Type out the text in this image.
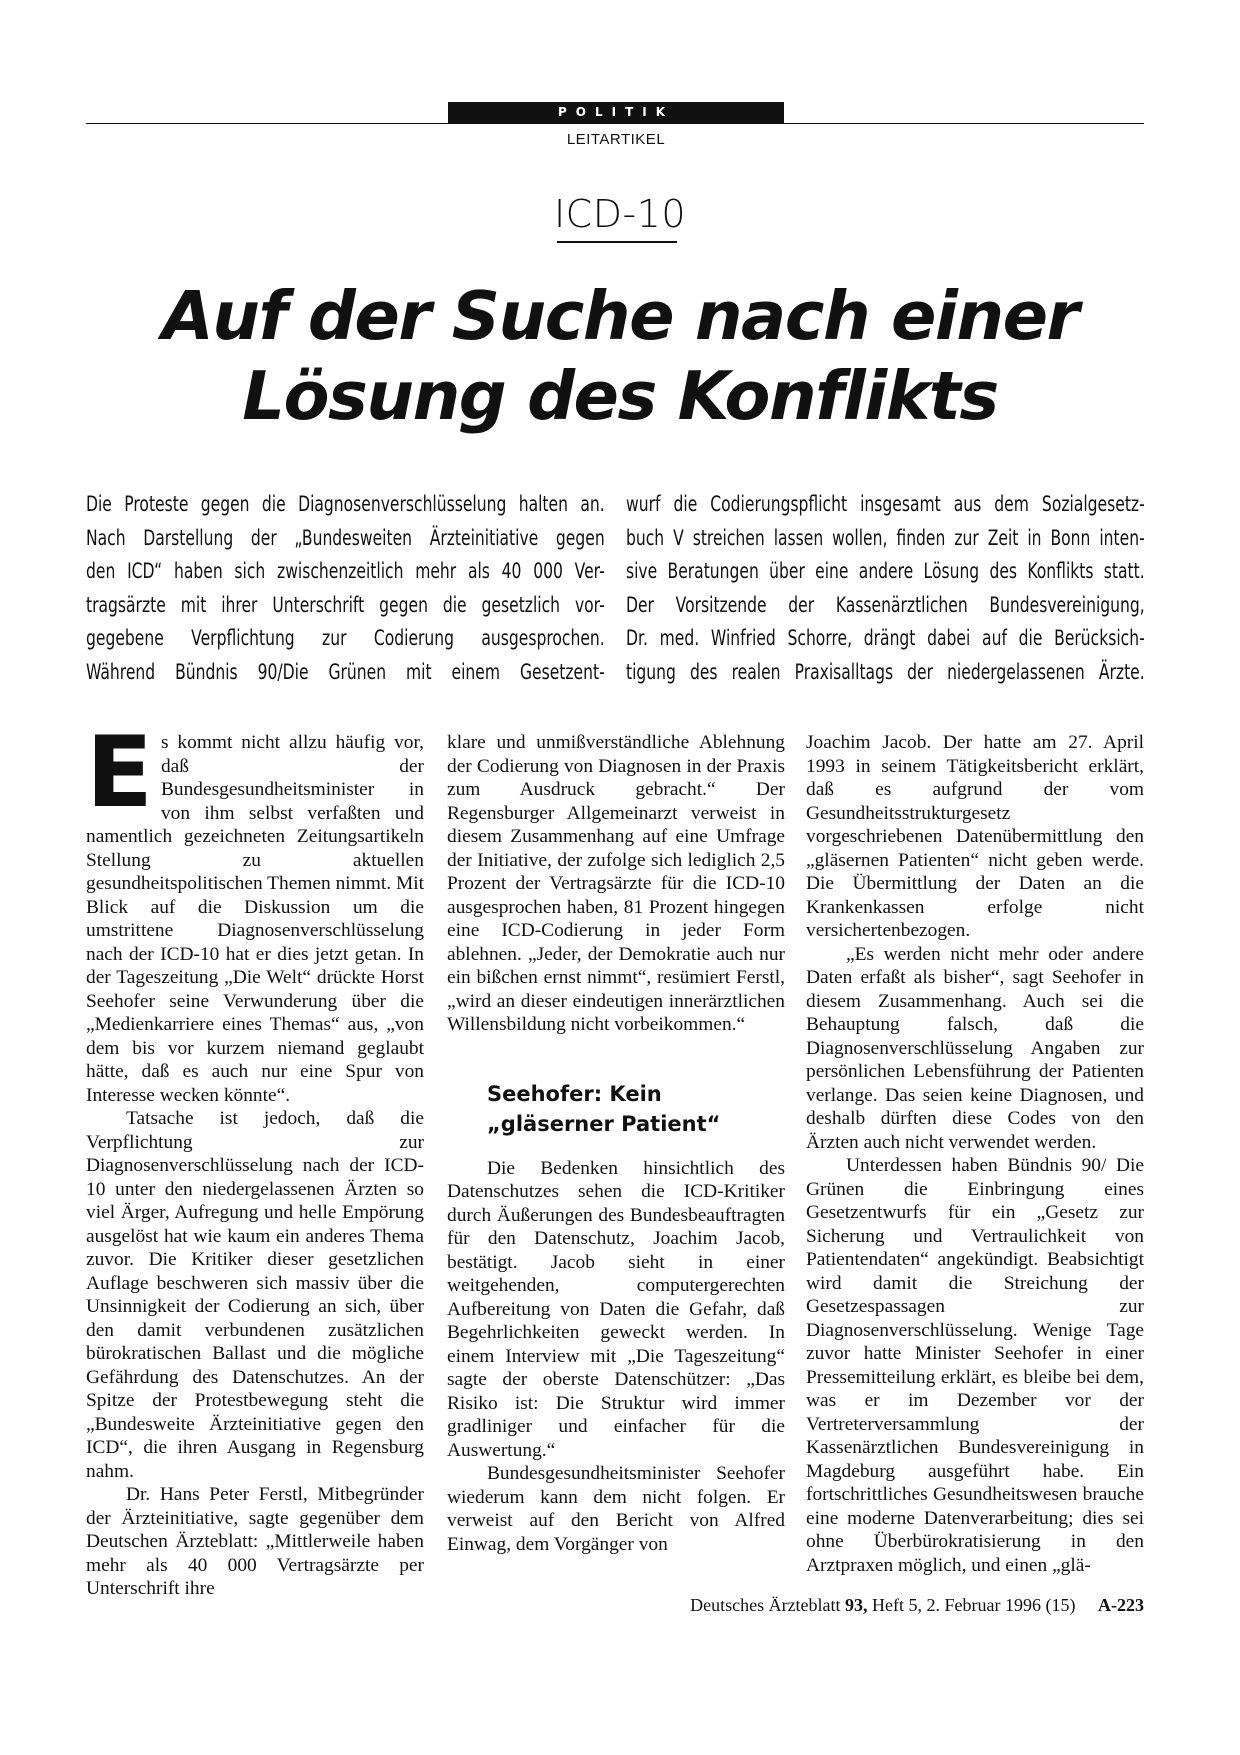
POLITIK
LEITARTIKEL
ICD-10
Auf der Suche nach einer
Lösung des Konflikts
Die Proteste gegen die Diagnosenverschlüsselung halten an.
Nach Darstellung der „Bundesweiten Ärzteinitiative gegen
den ICD“ haben sich zwischenzeitlich mehr als 40 000 Ver-
tragsärzte mit ihrer Unterschrift gegen die gesetzlich vor-
gegebene Verpflichtung zur Codierung ausgesprochen.
Während Bündnis 90/Die Grünen mit einem Gesetzent-
wurf die Codierungspflicht insgesamt aus dem Sozialgesetz-
buch V streichen lassen wollen, finden zur Zeit in Bonn inten-
sive Beratungen über eine andere Lösung des Konflikts statt.
Der Vorsitzende der Kassenärztlichen Bundesvereinigung,
Dr. med. Winfried Schorre, drängt dabei auf die Berücksich-
tigung des realen Praxisalltags der niedergelassenen Ärzte.

Es kommt nicht allzu häufig vor, daß der Bundesgesundheitsminister in von ihm selbst verfaßten und namentlich gezeichneten Zeitungsartikeln Stellung zu aktuellen gesundheitspolitischen Themen nimmt. Mit Blick auf die Diskussion um die umstrittene Diagnosenverschlüsselung nach der ICD-10 hat er dies jetzt getan. In der Tageszeitung „Die Welt“ drückte Horst Seehofer seine Verwunderung über die „Medienkarriere eines Themas“ aus, „von dem bis vor kurzem niemand geglaubt hätte, daß es auch nur eine Spur von Interesse wecken könnte“.

Tatsache ist jedoch, daß die Verpflichtung zur Diagnosenverschlüsselung nach der ICD-10 unter den niedergelassenen Ärzten so viel Ärger, Aufregung und helle Empörung ausgelöst hat wie kaum ein anderes Thema zuvor. Die Kritiker dieser gesetzlichen Auflage beschweren sich massiv über die Unsinnigkeit der Codierung an sich, über den damit verbundenen zusätzlichen bürokratischen Ballast und die mögliche Gefährdung des Datenschutzes. An der Spitze der Protestbewegung steht die „Bundesweite Ärzteinitiative gegen den ICD“, die ihren Ausgang in Regensburg nahm.

Dr. Hans Peter Ferstl, Mitbegründer der Ärzteinitiative, sagte gegenüber dem Deutschen Ärzteblatt: „Mittlerweile haben mehr als 40 000 Vertragsärzte per Unterschrift ihre

klare und unmißverständliche Ablehnung der Codierung von Diagnosen in der Praxis zum Ausdruck gebracht.“ Der Regensburger Allgemeinarzt verweist in diesem Zusammenhang auf eine Umfrage der Initiative, der zufolge sich lediglich 2,5 Prozent der Vertragsärzte für die ICD-10 ausgesprochen haben, 81 Prozent hingegen eine ICD-Codierung in jeder Form ablehnen. „Jeder, der Demokratie auch nur ein bißchen ernst nimmt“, resümiert Ferstl, „wird an dieser eindeutigen innerärztlichen Willensbildung nicht vorbeikommen.“

Seehofer: Kein
„gläserner Patient“

Die Bedenken hinsichtlich des Datenschutzes sehen die ICD-Kritiker durch Äußerungen des Bundesbeauftragten für den Datenschutz, Joachim Jacob, bestätigt. Jacob sieht in einer weitgehenden, computergerechten Aufbereitung von Daten die Gefahr, daß Begehrlichkeiten geweckt werden. In einem Interview mit „Die Tageszeitung“ sagte der oberste Datenschützer: „Das Risiko ist: Die Struktur wird immer gradliniger und einfacher für die Auswertung.“

Bundesgesundheitsminister Seehofer wiederum kann dem nicht folgen. Er verweist auf den Bericht von Alfred Einwag, dem Vorgänger von

Joachim Jacob. Der hatte am 27. April 1993 in seinem Tätigkeitsbericht erklärt, daß es aufgrund der vom Gesundheitsstrukturgesetz vorgeschriebenen Datenübermittlung den „gläsernen Patienten“ nicht geben werde. Die Übermittlung der Daten an die Krankenkassen erfolge nicht versichertenbezogen.

„Es werden nicht mehr oder andere Daten erfaßt als bisher“, sagt Seehofer in diesem Zusammenhang. Auch sei die Behauptung falsch, daß die Diagnosenverschlüsselung Angaben zur persönlichen Lebensführung der Patienten verlange. Das seien keine Diagnosen, und deshalb dürften diese Codes von den Ärzten auch nicht verwendet werden.

Unterdessen haben Bündnis 90/ Die Grünen die Einbringung eines Gesetzentwurfs für ein „Gesetz zur Sicherung und Vertraulichkeit von Patientendaten“ angekündigt. Beabsichtigt wird damit die Streichung der Gesetzespassagen zur Diagnosenverschlüsselung. Wenige Tage zuvor hatte Minister Seehofer in einer Pressemitteilung erklärt, es bleibe bei dem, was er im Dezember vor der Vertreterversammlung der Kassenärztlichen Bundesvereinigung in Magdeburg ausgeführt habe. Ein fortschrittliches Gesundheitswesen brauche eine moderne Datenverarbeitung; dies sei ohne Überbürokratisierung in den Arztpraxen möglich, und einen „glä-

Deutsches Ärzteblatt 93, Heft 5, 2. Februar 1996 (15) A-223
